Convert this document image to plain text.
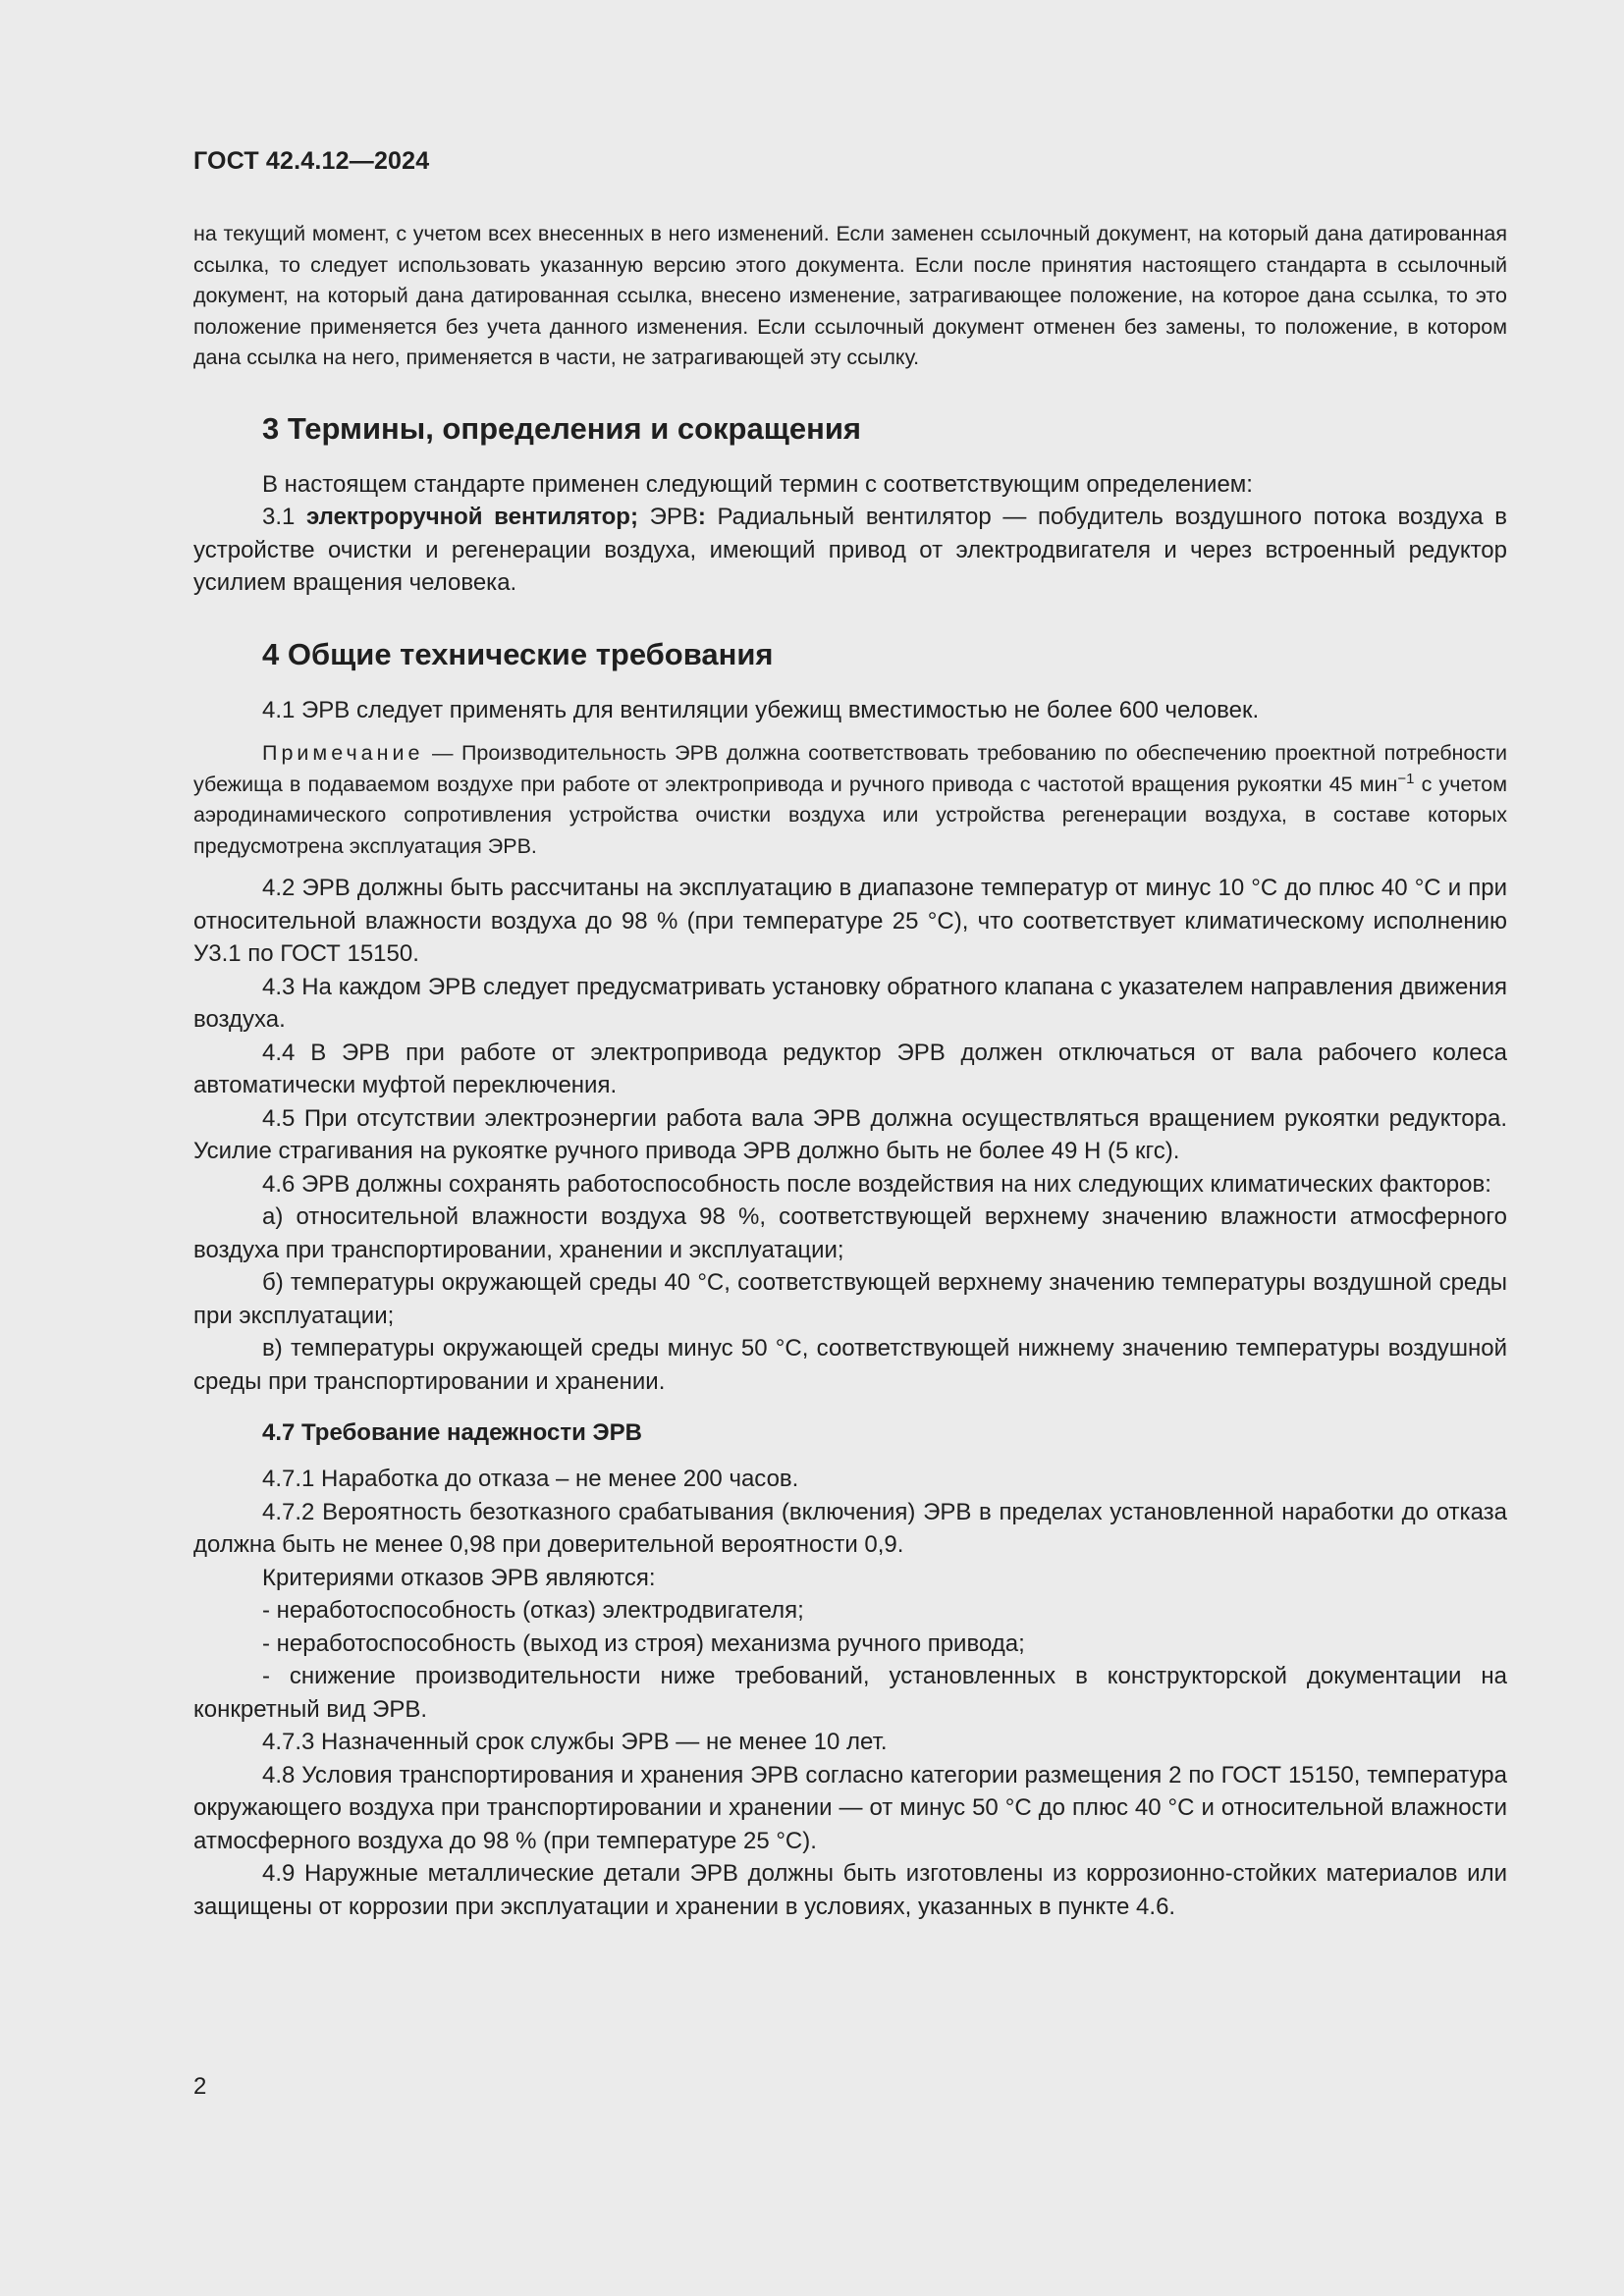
ГОСТ 42.4.12—2024

на текущий момент, с учетом всех внесенных в него изменений. Если заменен ссылочный документ, на который дана датированная ссылка, то следует использовать указанную версию этого документа. Если после принятия настоящего стандарта в ссылочный документ, на который дана датированная ссылка, внесено изменение, затрагивающее положение, на которое дана ссылка, то это положение применяется без учета данного изменения. Если ссылочный документ отменен без замены, то положение, в котором дана ссылка на него, применяется в части, не затрагивающей эту ссылку.

3 Термины, определения и сокращения

В настоящем стандарте применен следующий термин с соответствующим определением:

3.1 электроручной вентилятор; ЭРВ: Радиальный вентилятор — побудитель воздушного потока воздуха в устройстве очистки и регенерации воздуха, имеющий привод от электродвигателя и через встроенный редуктор усилием вращения человека.

4 Общие технические требования

4.1 ЭРВ следует применять для вентиляции убежищ вместимостью не более 600 человек.

Примечание — Производительность ЭРВ должна соответствовать требованию по обеспечению проектной потребности убежища в подаваемом воздухе при работе от электропривода и ручного привода с частотой вращения рукоятки 45 мин$^{-1}$ с учетом аэродинамического сопротивления устройства очистки воздуха или устройства регенерации воздуха, в составе которых предусмотрена эксплуатация ЭРВ.

4.2 ЭРВ должны быть рассчитаны на эксплуатацию в диапазоне температур от минус 10 °С до плюс 40 °С и при относительной влажности воздуха до 98 % (при температуре 25 °С), что соответствует климатическому исполнению У3.1 по ГОСТ 15150.

4.3 На каждом ЭРВ следует предусматривать установку обратного клапана с указателем направления движения воздуха.

4.4 В ЭРВ при работе от электропривода редуктор ЭРВ должен отключаться от вала рабочего колеса автоматически муфтой переключения.

4.5 При отсутствии электроэнергии работа вала ЭРВ должна осуществляться вращением рукоятки редуктора. Усилие страгивания на рукоятке ручного привода ЭРВ должно быть не более 49 Н (5 кгс).

4.6 ЭРВ должны сохранять работоспособность после воздействия на них следующих климатических факторов:

а) относительной влажности воздуха 98 %, соответствующей верхнему значению влажности атмосферного воздуха при транспортировании, хранении и эксплуатации;

б) температуры окружающей среды 40 °С, соответствующей верхнему значению температуры воздушной среды при эксплуатации;

в) температуры окружающей среды минус 50 °С, соответствующей нижнему значению температуры воздушной среды при транспортировании и хранении.

4.7 Требование надежности ЭРВ

4.7.1 Наработка до отказа – не менее 200 часов.

4.7.2 Вероятность безотказного срабатывания (включения) ЭРВ в пределах установленной наработки до отказа должна быть не менее 0,98 при доверительной вероятности 0,9.

Критериями отказов ЭРВ являются:

- неработоспособность (отказ) электродвигателя;

- неработоспособность (выход из строя) механизма ручного привода;

- снижение производительности ниже требований, установленных в конструкторской документации на конкретный вид ЭРВ.

4.7.3 Назначенный срок службы ЭРВ — не менее 10 лет.

4.8 Условия транспортирования и хранения ЭРВ согласно категории размещения 2 по ГОСТ 15150, температура окружающего воздуха при транспортировании и хранении — от минус 50 °С до плюс 40 °С и относительной влажности атмосферного воздуха до 98 % (при температуре 25 °С).

4.9 Наружные металлические детали ЭРВ должны быть изготовлены из коррозионно-стойких материалов или защищены от коррозии при эксплуатации и хранении в условиях, указанных в пункте 4.6.

2
